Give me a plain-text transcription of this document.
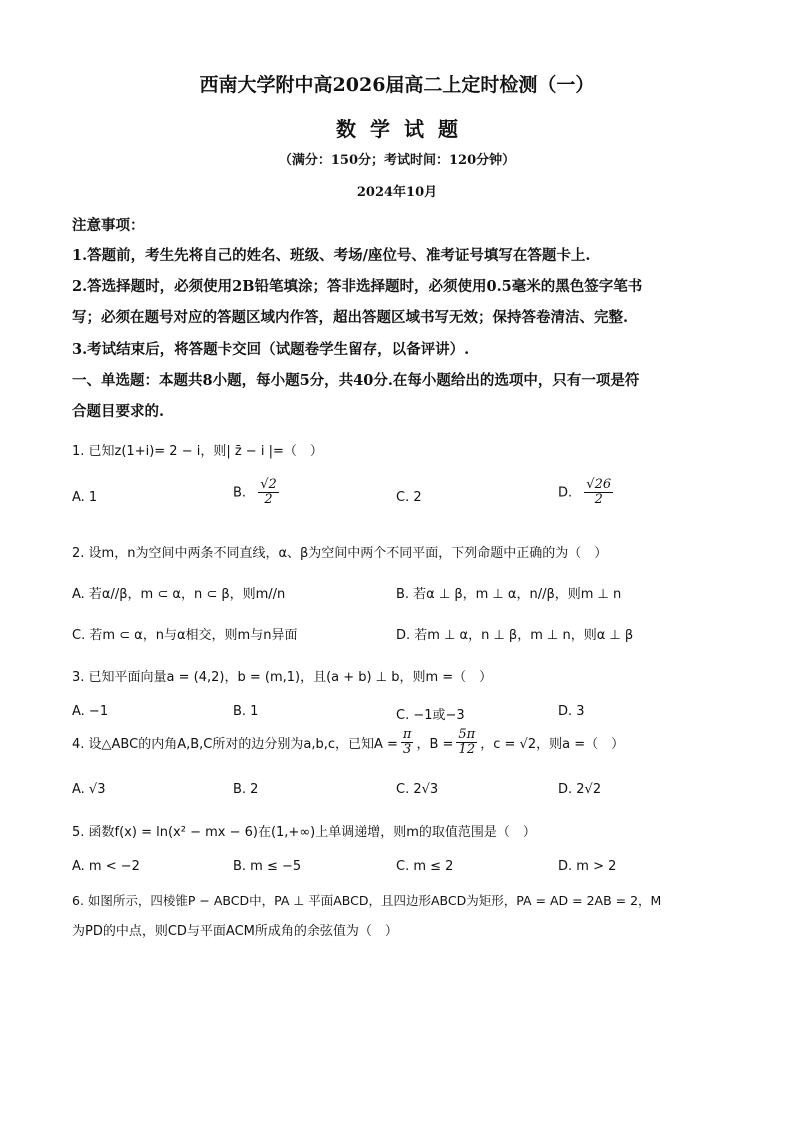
西南大学附中高2026届高二上定时检测（一）
数学试题
（满分：150分；考试时间：120分钟）
2024年10月
注意事项：
1.答题前，考生先将自己的姓名、班级、考场/座位号、准考证号填写在答题卡上.
2.答选择题时，必须使用2B铅笔填涂；答非选择题时，必须使用0.5毫米的黑色签字笔书
写；必须在题号对应的答题区域内作答，超出答题区域书写无效；保持答卷清洁、完整.
3.考试结束后，将答题卡交回（试题卷学生留存，以备评讲）.
一、单选题：本题共8小题，每小题5分，共40分.在每小题给出的选项中，只有一项是符
合题目要求的.
1. 已知z(1+i)= 2 − i，则| z̄ − i |=（　）
A. 1	B. $\frac{√2}{2}$	C. 2	D. $\frac{√26}{2}$
2. 设m，n为空间中两条不同直线，α、β为空间中两个不同平面，下列命题中正确的为（　）
A. 若α//β，m ⊂ α，n ⊂ β，则m//n	B. 若α ⊥ β，m ⊥ α，n//β，则m ⊥ n
C. 若m ⊂ α，n与α相交，则m与n异面	D. 若m ⊥ α，n ⊥ β，m ⊥ n，则α ⊥ β
3. 已知平面向量a = (4,2)，b = (m,1)，且(a + b) ⊥ b，则m =（　）
A. −1	B. 1	C. −1或−3	D. 3
4. 设△ABC的内角A,B,C所对的边分别为a,b,c，已知$A = \frac{\pi}{3}$ ，$B = \frac{5\pi}{12}$ ，c = √2，则a =（　）
A. √3	B. 2	C. 2√3	D. 2√2
5. 函数f(x) = ln(x² − mx − 6)在(1,+∞)上单调递增，则m的取值范围是（　）
A. m < −2	B. m ≤ −5	C. m ≤ 2	D. m > 2
6. 如图所示，四棱锥P − ABCD中，PA ⊥ 平面ABCD，且四边形ABCD为矩形，PA = AD = 2AB = 2，M
为PD的中点，则CD与平面ACM所成角的余弦值为（　）
